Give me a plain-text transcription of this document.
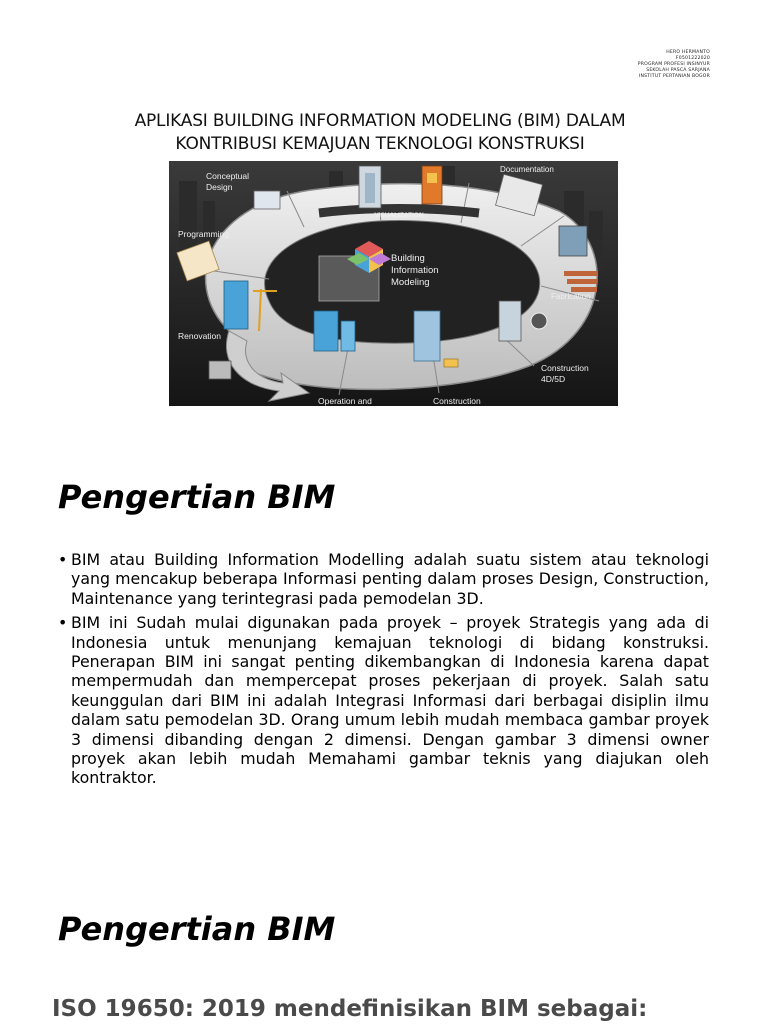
HERO HERMANTO
F0501222020
PROGRAM PROFESI INSINYUR
SEKOLAH PASCA SARJANA
INSTITUT PERTANIAN BOGOR
APLIKASI BUILDING INFORMATION MODELING (BIM) DALAM
KONTRIBUSI KEMAJUAN TEKNOLOGI KONSTRUKSI
VISUALIZATION
Building
Information
Modeling
Conceptual
Design
Documentation
Programming
Fabrication
Renovation
Construction
4D/5D
Operation and	Construction
Pengertian BIM
• BIM atau Building Information Modelling adalah suatu sistem atau teknologi yang mencakup beberapa Informasi penting dalam proses Design, Construction, Maintenance yang terintegrasi pada pemodelan 3D.
• BIM ini Sudah mulai digunakan pada proyek – proyek Strategis yang ada di Indonesia untuk menunjang kemajuan teknologi di bidang konstruksi. Penerapan BIM ini sangat penting dikembangkan di Indonesia karena dapat mempermudah dan mempercepat proses pekerjaan di proyek. Salah satu keunggulan dari BIM ini adalah Integrasi Informasi dari berbagai disiplin ilmu dalam satu pemodelan 3D. Orang umum lebih mudah membaca gambar proyek 3 dimensi dibanding dengan 2 dimensi. Dengan gambar 3 dimensi owner proyek akan lebih mudah Memahami gambar teknis yang diajukan oleh kontraktor.
Pengertian BIM
ISO 19650: 2019 mendefinisikan BIM sebagai:
